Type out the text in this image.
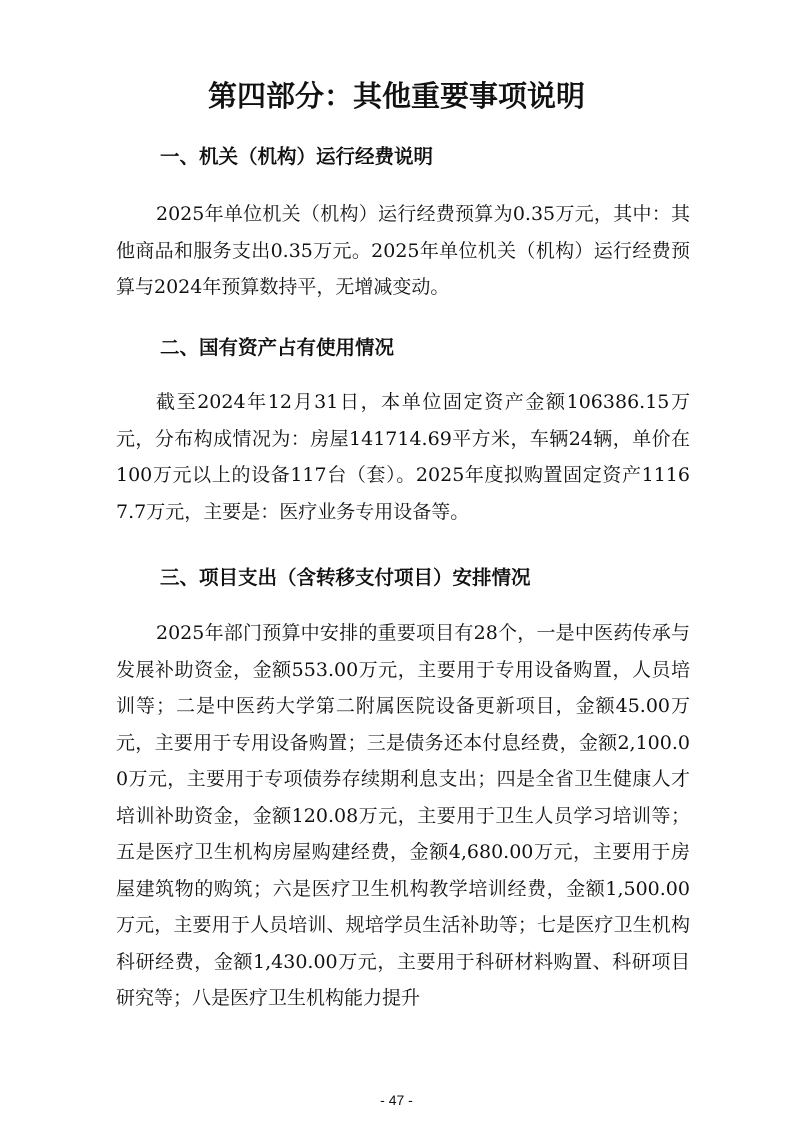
第四部分：其他重要事项说明
一、机关（机构）运行经费说明

2025年单位机关（机构）运行经费预算为0.35万元，其中：其他商品和服务支出0.35万元。2025年单位机关（机构）运行经费预算与2024年预算数持平，无增减变动。

二、国有资产占有使用情况

截至2024年12月31日，本单位固定资产金额106386.15万元，分布构成情况为：房屋141714.69平方米，车辆24辆，单价在100万元以上的设备117台（套）。2025年度拟购置固定资产11167.7万元，主要是：医疗业务专用设备等。

三、项目支出（含转移支付项目）安排情况

2025年部门预算中安排的重要项目有28个，一是中医药传承与发展补助资金，金额553.00万元，主要用于专用设备购置，人员培训等；二是中医药大学第二附属医院设备更新项目，金额45.00万元，主要用于专用设备购置；三是债务还本付息经费，金额2,100.00万元，主要用于专项债券存续期利息支出；四是全省卫生健康人才培训补助资金，金额120.08万元，主要用于卫生人员学习培训等；五是医疗卫生机构房屋购建经费，金额4,680.00万元，主要用于房屋建筑物的购筑；六是医疗卫生机构教学培训经费，金额1,500.00万元，主要用于人员培训、规培学员生活补助等；七是医疗卫生机构科研经费，金额1,430.00万元，主要用于科研材料购置、科研项目研究等；八是医疗卫生机构能力提升

- 47 -
